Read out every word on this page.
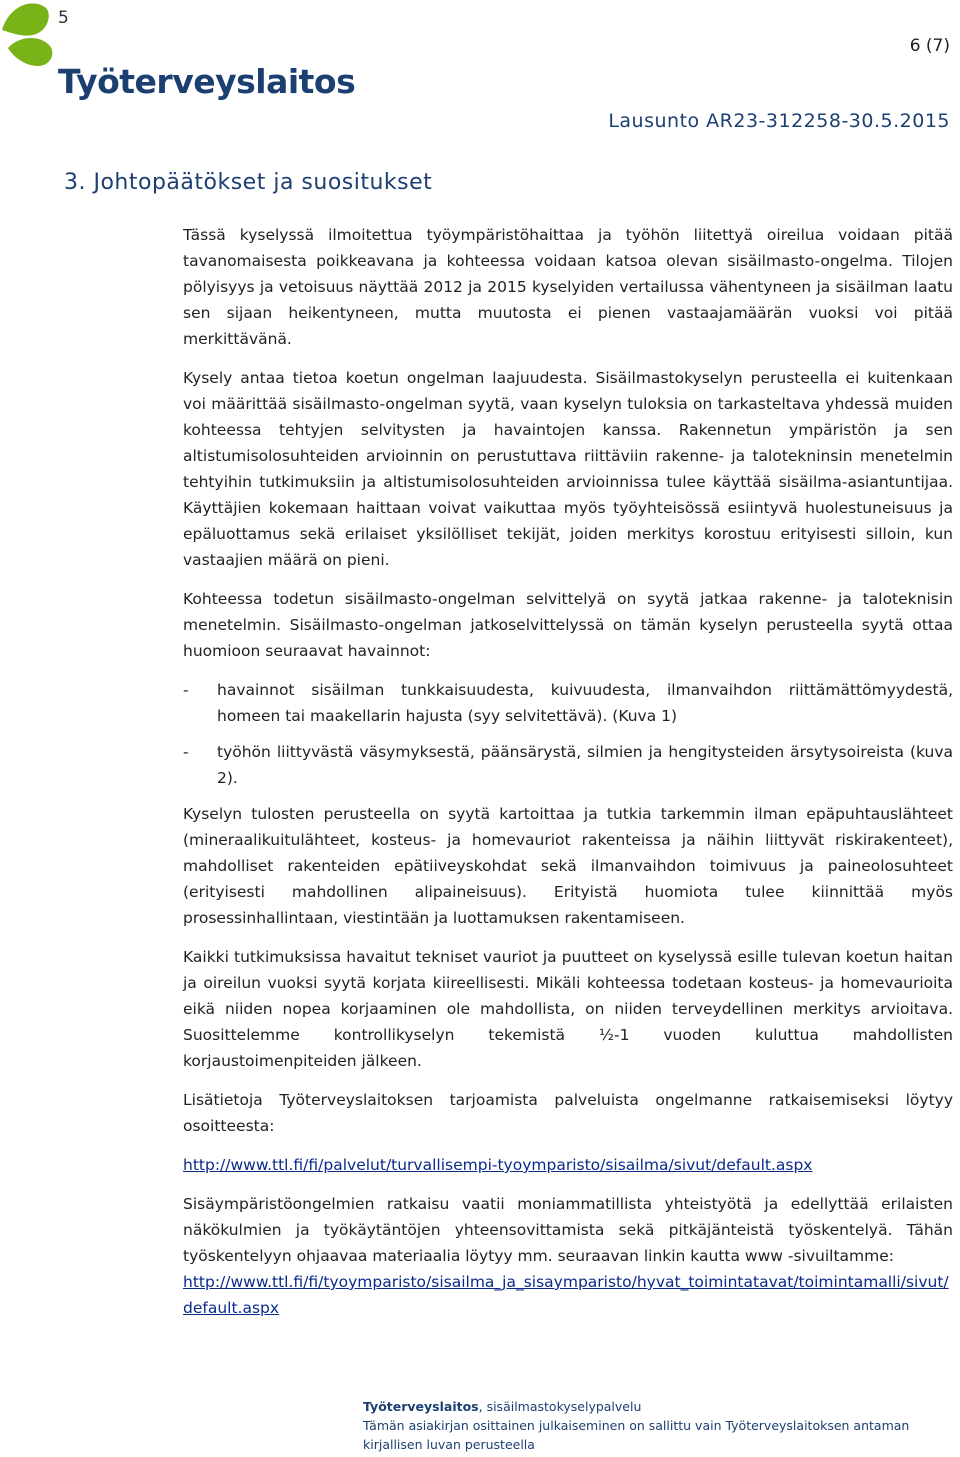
5
Työterveyslaitos
6 (7)
Lausunto AR23-312258-30.5.2015
3. Johtopäätökset ja suositukset

Tässä kyselyssä ilmoitettua työympäristöhaittaa ja työhön liitettyä oireilua voidaan pitää tavanomaisesta poikkeavana ja kohteessa voidaan katsoa olevan sisäilmasto-ongelma. Tilojen pölyisyys ja vetoisuus näyttää 2012 ja 2015 kyselyiden vertailussa vähentyneen ja sisäilman laatu sen sijaan heikentyneen, mutta muutosta ei pienen vastaajamäärän vuoksi voi pitää merkittävänä.

Kysely antaa tietoa koetun ongelman laajuudesta. Sisäilmastokyselyn perusteella ei kuitenkaan voi määrittää sisäilmasto-ongelman syytä, vaan kyselyn tuloksia on tarkasteltava yhdessä muiden kohteessa tehtyjen selvitysten ja havaintojen kanssa. Rakennetun ympäristön ja sen altistumisolosuhteiden arvioinnin on perustuttava riittäviin rakenne- ja talotekninsin menetelmin tehtyihin tutkimuksiin ja altistumisolosuhteiden arvioinnissa tulee käyttää sisäilma-asiantuntijaa. Käyttäjien kokemaan haittaan voivat vaikuttaa myös työyhteisössä esiintyvä huolestuneisuus ja epäluottamus sekä erilaiset yksilölliset tekijät, joiden merkitys korostuu erityisesti silloin, kun vastaajien määrä on pieni.

Kohteessa todetun sisäilmasto-ongelman selvittelyä on syytä jatkaa rakenne- ja taloteknisin menetelmin. Sisäilmasto-ongelman jatkoselvittelyssä on tämän kyselyn perusteella syytä ottaa huomioon seuraavat havainnot:

- havainnot sisäilman tunkkaisuudesta, kuivuudesta, ilmanvaihdon riittämättömyydestä, homeen tai maakellarin hajusta (syy selvitettävä). (Kuva 1)
- työhön liittyvästä väsymyksestä, päänsärystä, silmien ja hengitysteiden ärsytysoireista (kuva 2).

Kyselyn tulosten perusteella on syytä kartoittaa ja tutkia tarkemmin ilman epäpuhtauslähteet (mineraalikuitulähteet, kosteus- ja homevauriot rakenteissa ja näihin liittyvät riskirakenteet), mahdolliset rakenteiden epätiiveyskohdat sekä ilmanvaihdon toimivuus ja paineolosuhteet (erityisesti mahdollinen alipaineisuus). Erityistä huomiota tulee kiinnittää myös prosessinhallintaan, viestintään ja luottamuksen rakentamiseen.

Kaikki tutkimuksissa havaitut tekniset vauriot ja puutteet on kyselyssä esille tulevan koetun haitan ja oireilun vuoksi syytä korjata kiireellisesti. Mikäli kohteessa todetaan kosteus- ja homevaurioita eikä niiden nopea korjaaminen ole mahdollista, on niiden terveydellinen merkitys arvioitava. Suosittelemme kontrollikyselyn tekemistä ½-1 vuoden kuluttua mahdollisten korjaustoimenpiteiden jälkeen.

Lisätietoja Työterveyslaitoksen tarjoamista palveluista ongelmanne ratkaisemiseksi löytyy osoitteesta:

http://www.ttl.fi/fi/palvelut/turvallisempi-tyoymparisto/sisailma/sivut/default.aspx

Sisäympäristöongelmien ratkaisu vaatii moniammatillista yhteistyötä ja edellyttää erilaisten näkökulmien ja työkäytäntöjen yhteensovittamista sekä pitkäjänteistä työskentelyä. Tähän työskentelyyn ohjaavaa materiaalia löytyy mm. seuraavan linkin kautta www -sivuiltamme:

http://www.ttl.fi/fi/tyoymparisto/sisailma_ja_sisaymparisto/hyvat_toimintatavat/toimintamalli/sivut/default.aspx

Työterveyslaitos, sisäilmastokyselypalvelu
Tämän asiakirjan osittainen julkaiseminen on sallittu vain Työterveyslaitoksen antaman kirjallisen luvan perusteella
